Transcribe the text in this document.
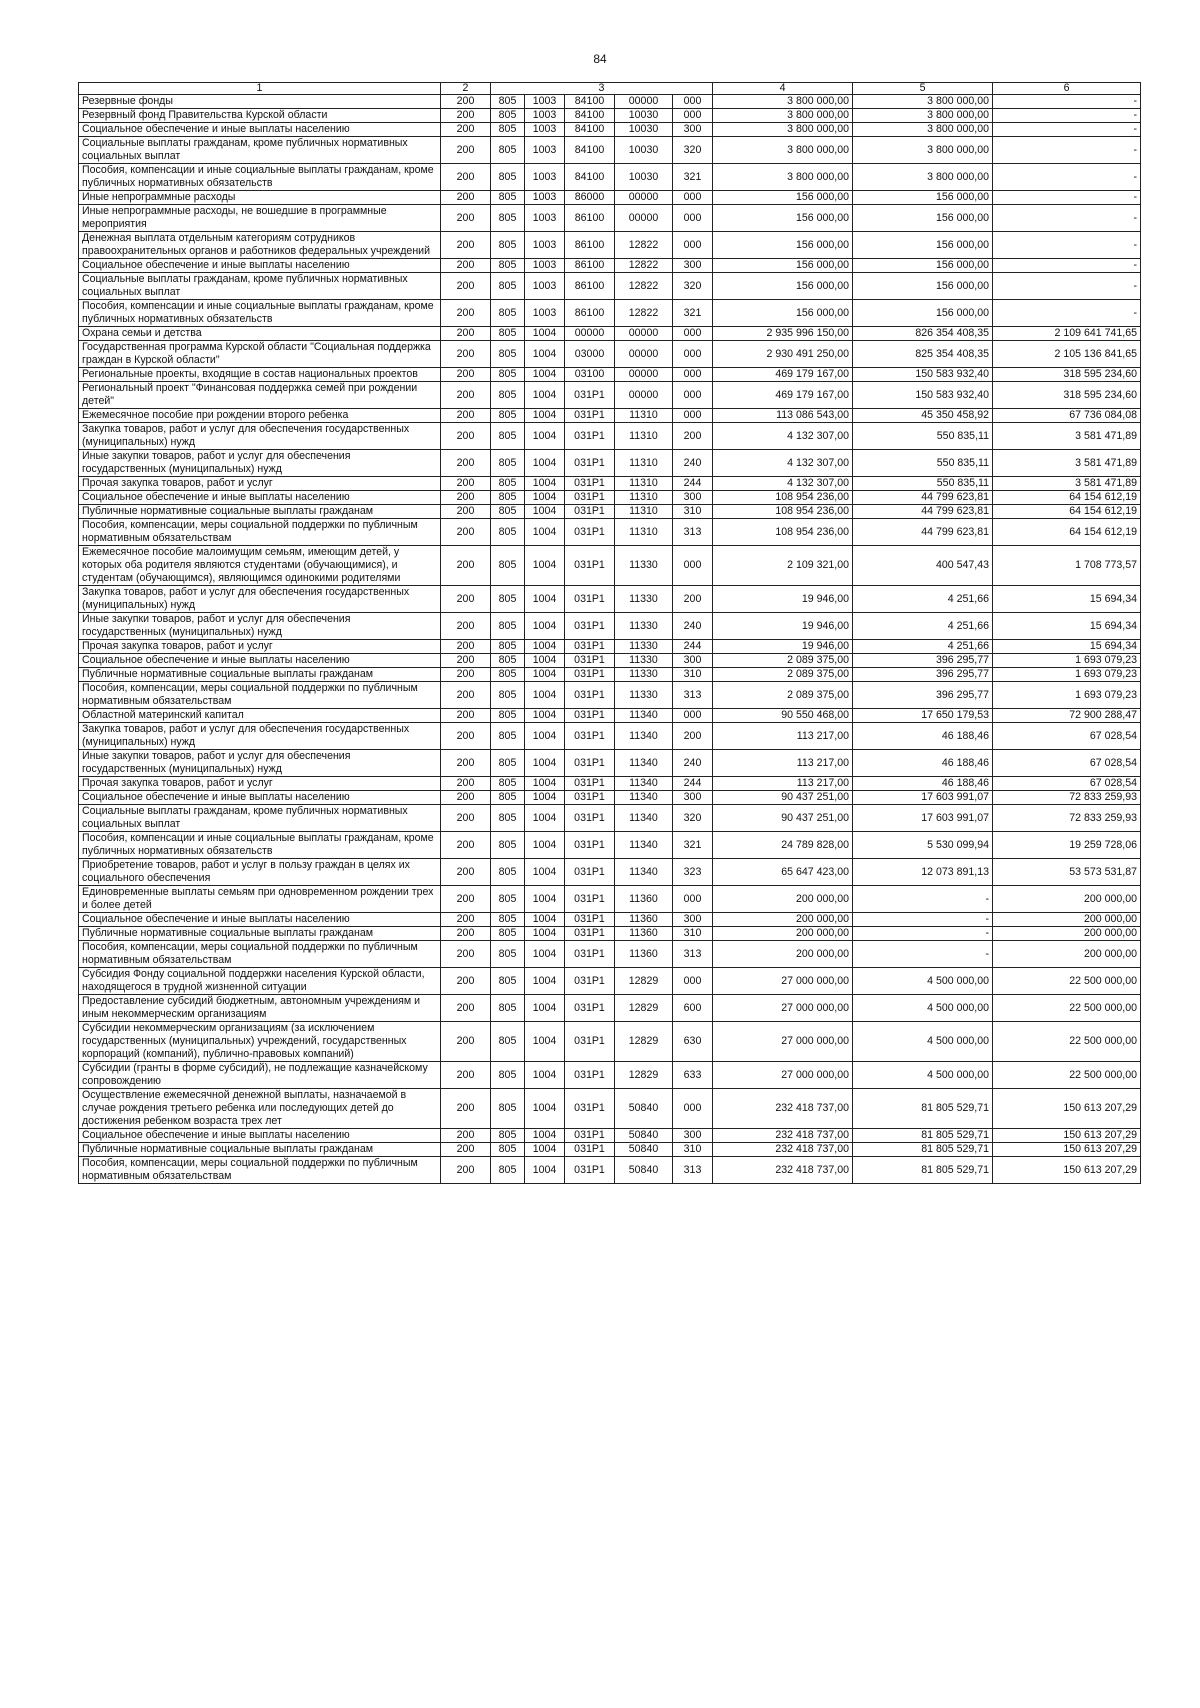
84
1	2	3					4	5	6
Резервные фонды	200	805	1003	84100	00000	000	3 800 000,00	3 800 000,00	-
Резервный фонд Правительства Курской области	200	805	1003	84100	10030	000	3 800 000,00	3 800 000,00	-
Социальное обеспечение и иные выплаты населению	200	805	1003	84100	10030	300	3 800 000,00	3 800 000,00	-
Социальные выплаты гражданам, кроме публичных нормативных социальных выплат	200	805	1003	84100	10030	320	3 800 000,00	3 800 000,00	-
Пособия, компенсации и иные социальные выплаты гражданам, кроме публичных нормативных обязательств	200	805	1003	84100	10030	321	3 800 000,00	3 800 000,00	-
Иные непрограммные расходы	200	805	1003	86000	00000	000	156 000,00	156 000,00	-
Иные непрограммные расходы, не вошедшие в программные мероприятия	200	805	1003	86100	00000	000	156 000,00	156 000,00	-
Денежная выплата отдельным категориям сотрудников правоохранительных органов и работников федеральных учреждений	200	805	1003	86100	12822	000	156 000,00	156 000,00	-
Социальное обеспечение и иные выплаты населению	200	805	1003	86100	12822	300	156 000,00	156 000,00	-
Социальные выплаты гражданам, кроме публичных нормативных социальных выплат	200	805	1003	86100	12822	320	156 000,00	156 000,00	-
Пособия, компенсации и иные социальные выплаты гражданам, кроме публичных нормативных обязательств	200	805	1003	86100	12822	321	156 000,00	156 000,00	-
Охрана семьи и детства	200	805	1004	00000	00000	000	2 935 996 150,00	826 354 408,35	2 109 641 741,65
Государственная программа Курской области "Социальная поддержка граждан в Курской области"	200	805	1004	03000	00000	000	2 930 491 250,00	825 354 408,35	2 105 136 841,65
Региональные проекты, входящие в состав национальных проектов	200	805	1004	03100	00000	000	469 179 167,00	150 583 932,40	318 595 234,60
Региональный проект "Финансовая поддержка семей при рождении детей"	200	805	1004	031P1	00000	000	469 179 167,00	150 583 932,40	318 595 234,60
Ежемесячное пособие при рождении второго ребенка	200	805	1004	031P1	11310	000	113 086 543,00	45 350 458,92	67 736 084,08
Закупка товаров, работ и услуг для обеспечения государственных (муниципальных) нужд	200	805	1004	031P1	11310	200	4 132 307,00	550 835,11	3 581 471,89
Иные закупки товаров, работ и услуг для обеспечения государственных (муниципальных) нужд	200	805	1004	031P1	11310	240	4 132 307,00	550 835,11	3 581 471,89
Прочая закупка товаров, работ и услуг	200	805	1004	031P1	11310	244	4 132 307,00	550 835,11	3 581 471,89
Социальное обеспечение и иные выплаты населению	200	805	1004	031P1	11310	300	108 954 236,00	44 799 623,81	64 154 612,19
Публичные нормативные социальные выплаты гражданам	200	805	1004	031P1	11310	310	108 954 236,00	44 799 623,81	64 154 612,19
Пособия, компенсации, меры социальной поддержки по публичным нормативным обязательствам	200	805	1004	031P1	11310	313	108 954 236,00	44 799 623,81	64 154 612,19
Ежемесячное пособие малоимущим семьям, имеющим детей, у которых оба родителя являются студентами (обучающимися), и студентам (обучающимся), являющимся одинокими родителями	200	805	1004	031P1	11330	000	2 109 321,00	400 547,43	1 708 773,57
Закупка товаров, работ и услуг для обеспечения государственных (муниципальных) нужд	200	805	1004	031P1	11330	200	19 946,00	4 251,66	15 694,34
Иные закупки товаров, работ и услуг для обеспечения государственных (муниципальных) нужд	200	805	1004	031P1	11330	240	19 946,00	4 251,66	15 694,34
Прочая закупка товаров, работ и услуг	200	805	1004	031P1	11330	244	19 946,00	4 251,66	15 694,34
Социальное обеспечение и иные выплаты населению	200	805	1004	031P1	11330	300	2 089 375,00	396 295,77	1 693 079,23
Публичные нормативные социальные выплаты гражданам	200	805	1004	031P1	11330	310	2 089 375,00	396 295,77	1 693 079,23
Пособия, компенсации, меры социальной поддержки по публичным нормативным обязательствам	200	805	1004	031P1	11330	313	2 089 375,00	396 295,77	1 693 079,23
Областной материнский капитал	200	805	1004	031P1	11340	000	90 550 468,00	17 650 179,53	72 900 288,47
Закупка товаров, работ и услуг для обеспечения государственных (муниципальных) нужд	200	805	1004	031P1	11340	200	113 217,00	46 188,46	67 028,54
Иные закупки товаров, работ и услуг для обеспечения государственных (муниципальных) нужд	200	805	1004	031P1	11340	240	113 217,00	46 188,46	67 028,54
Прочая закупка товаров, работ и услуг	200	805	1004	031P1	11340	244	113 217,00	46 188,46	67 028,54
Социальное обеспечение и иные выплаты населению	200	805	1004	031P1	11340	300	90 437 251,00	17 603 991,07	72 833 259,93
Социальные выплаты гражданам, кроме публичных нормативных социальных выплат	200	805	1004	031P1	11340	320	90 437 251,00	17 603 991,07	72 833 259,93
Пособия, компенсации и иные социальные выплаты гражданам, кроме публичных нормативных обязательств	200	805	1004	031P1	11340	321	24 789 828,00	5 530 099,94	19 259 728,06
Приобретение товаров, работ и услуг в пользу граждан в целях их социального обеспечения	200	805	1004	031P1	11340	323	65 647 423,00	12 073 891,13	53 573 531,87
Единовременные выплаты семьям при одновременном рождении трех и более детей	200	805	1004	031P1	11360	000	200 000,00	-	200 000,00
Социальное обеспечение и иные выплаты населению	200	805	1004	031P1	11360	300	200 000,00	-	200 000,00
Публичные нормативные социальные выплаты гражданам	200	805	1004	031P1	11360	310	200 000,00	-	200 000,00
Пособия, компенсации, меры социальной поддержки по публичным нормативным обязательствам	200	805	1004	031P1	11360	313	200 000,00	-	200 000,00
Субсидия Фонду социальной поддержки населения Курской области, находящегося в трудной жизненной ситуации	200	805	1004	031P1	12829	000	27 000 000,00	4 500 000,00	22 500 000,00
Предоставление субсидий бюджетным, автономным учреждениям и иным некоммерческим организациям	200	805	1004	031P1	12829	600	27 000 000,00	4 500 000,00	22 500 000,00
Субсидии некоммерческим организациям (за исключением государственных (муниципальных) учреждений, государственных корпораций (компаний), публично-правовых компаний)	200	805	1004	031P1	12829	630	27 000 000,00	4 500 000,00	22 500 000,00
Субсидии (гранты в форме субсидий), не подлежащие казначейскому сопровождению	200	805	1004	031P1	12829	633	27 000 000,00	4 500 000,00	22 500 000,00
Осуществление ежемесячной денежной выплаты, назначаемой в случае рождения третьего ребенка или последующих детей до достижения ребенком возраста трех лет	200	805	1004	031P1	50840	000	232 418 737,00	81 805 529,71	150 613 207,29
Социальное обеспечение и иные выплаты населению	200	805	1004	031P1	50840	300	232 418 737,00	81 805 529,71	150 613 207,29
Публичные нормативные социальные выплаты гражданам	200	805	1004	031P1	50840	310	232 418 737,00	81 805 529,71	150 613 207,29
Пособия, компенсации, меры социальной поддержки по публичным нормативным обязательствам	200	805	1004	031P1	50840	313	232 418 737,00	81 805 529,71	150 613 207,29
